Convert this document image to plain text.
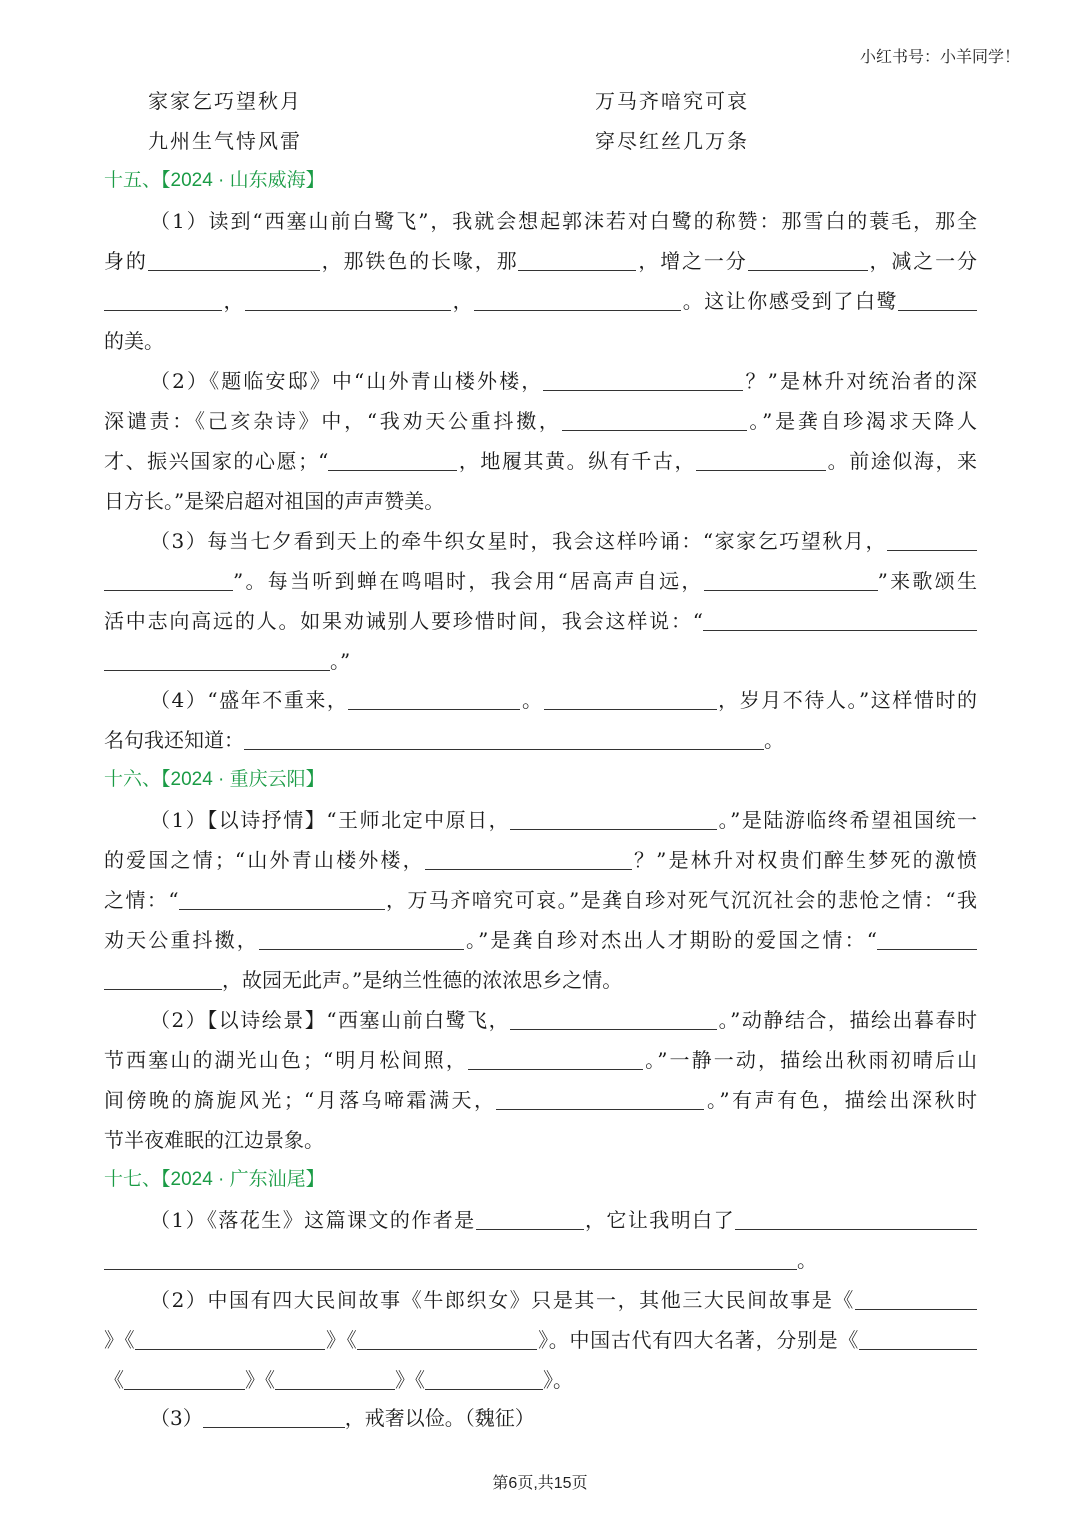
小红书号：小羊同学！
家家乞巧望秋月	万马齐喑究可哀
九州生气恃风雷	穿尽红丝几万条
十五、【2024 · 山东威海】
（1）读到“西塞山前白鹭飞”，我就会想起郭沫若对白鹭的称赞：那雪白的蓑毛，那全
身的	，那铁色的长喙，那	，增之一分	，减之一分
，	，	。这让你感受到了白鹭
的美。
（2）《题临安邸》中“山外青山楼外楼，	？”是林升对统治者的深
深谴责：《己亥杂诗》中，“我劝天公重抖擞，	。”是龚自珍渴求天降人
才、振兴国家的心愿；“	，地履其黄。纵有千古，	。前途似海，来
日方长。”是梁启超对祖国的声声赞美。
（3）每当七夕看到天上的牵牛织女星时，我会这样吟诵：“家家乞巧望秋月，
”。每当听到蝉在鸣唱时，我会用“居高声自远，	”来歌颂生
活中志向高远的人。如果劝诫别人要珍惜时间，我会这样说：“
。”
（4）“盛年不重来，	。	，岁月不待人。”这样惜时的
名句我还知道：	。
十六、【2024 · 重庆云阳】
（1）【以诗抒情】“王师北定中原日，	。”是陆游临终希望祖国统一
的爱国之情；“山外青山楼外楼，	？”是林升对权贵们醉生梦死的激愤
之情：“	，万马齐喑究可哀。”是龚自珍对死气沉沉社会的悲怆之情：“我
劝天公重抖擞，	。”是龚自珍对杰出人才期盼的爱国之情：“
，故园无此声。”是纳兰性德的浓浓思乡之情。
（2）【以诗绘景】“西塞山前白鹭飞，	。”动静结合，描绘出暮春时
节西塞山的湖光山色；“明月松间照，	。”一静一动，描绘出秋雨初晴后山
间傍晚的旖旎风光；“月落乌啼霜满天，	。”有声有色，描绘出深秋时
节半夜难眠的江边景象。
十七、【2024 · 广东汕尾】
（1）《落花生》这篇课文的作者是	，它让我明白了
。
（2）中国有四大民间故事《牛郎织女》只是其一，其他三大民间故事是《
》《	》《	》。中国古代有四大名著，分别是《
《	》《	》《	》。
（3）	，戒奢以俭。（魏征）
第6页,共15页
